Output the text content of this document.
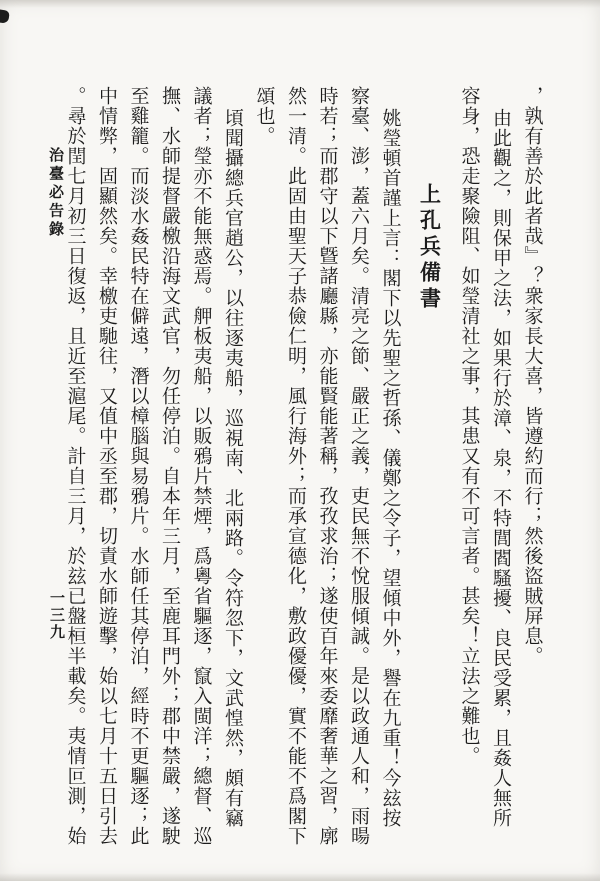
，孰有善於此者哉』？衆家長大喜，皆遵約而行；然後盜賊屏息。
由此觀之，則保甲之法，如果行於漳、泉，不特閭閻騷擾、良民受累，且姦人無所
容身，恐走聚險阻、如瑩清社之事，其患又有不可言者。甚矣！立法之難也。
上孔兵備書
姚瑩頓首謹上言：閣下以先聖之哲孫、儀鄭之令子，望傾中外，譽在九重！今玆按
察臺、澎，蓋六月矣。清亮之節、嚴正之義，吏民無不悅服傾誠。是以政通人和，雨暘
時若；而郡守以下曁諸廳縣，亦能賢能著稱，孜孜求治；遂使百年來委靡奢華之習，廓
然一清。此固由聖天子恭儉仁明，風行海外；而承宣德化，敷政優優，實不能不爲閣下
頌也。
頃聞攝總兵官趙公，以往逐夷船，巡視南、北兩路。令符忽下，文武惶然，頗有竊
議者；瑩亦不能無惑焉。舺板夷船，以販鴉片禁煙，爲粵省驅逐，竄入閩洋；總督、巡
撫、水師提督嚴檄沿海文武官，勿任停泊。自本年三月，至鹿耳門外；郡中禁嚴，遂駛
至雞籠。而淡水姦民特在僻遠，潛以樟腦與易鴉片。水師任其停泊，經時不更驅逐；此
中情弊，固顯然矣。幸檄吏馳往，又值中丞至郡，切責水師遊擊，始以七月十五日引去
。尋於閏七月初三日復返，且近至滬尾。計自三月，於玆已盤桓半載矣。夷情叵測，始
治臺必告錄
一三九
